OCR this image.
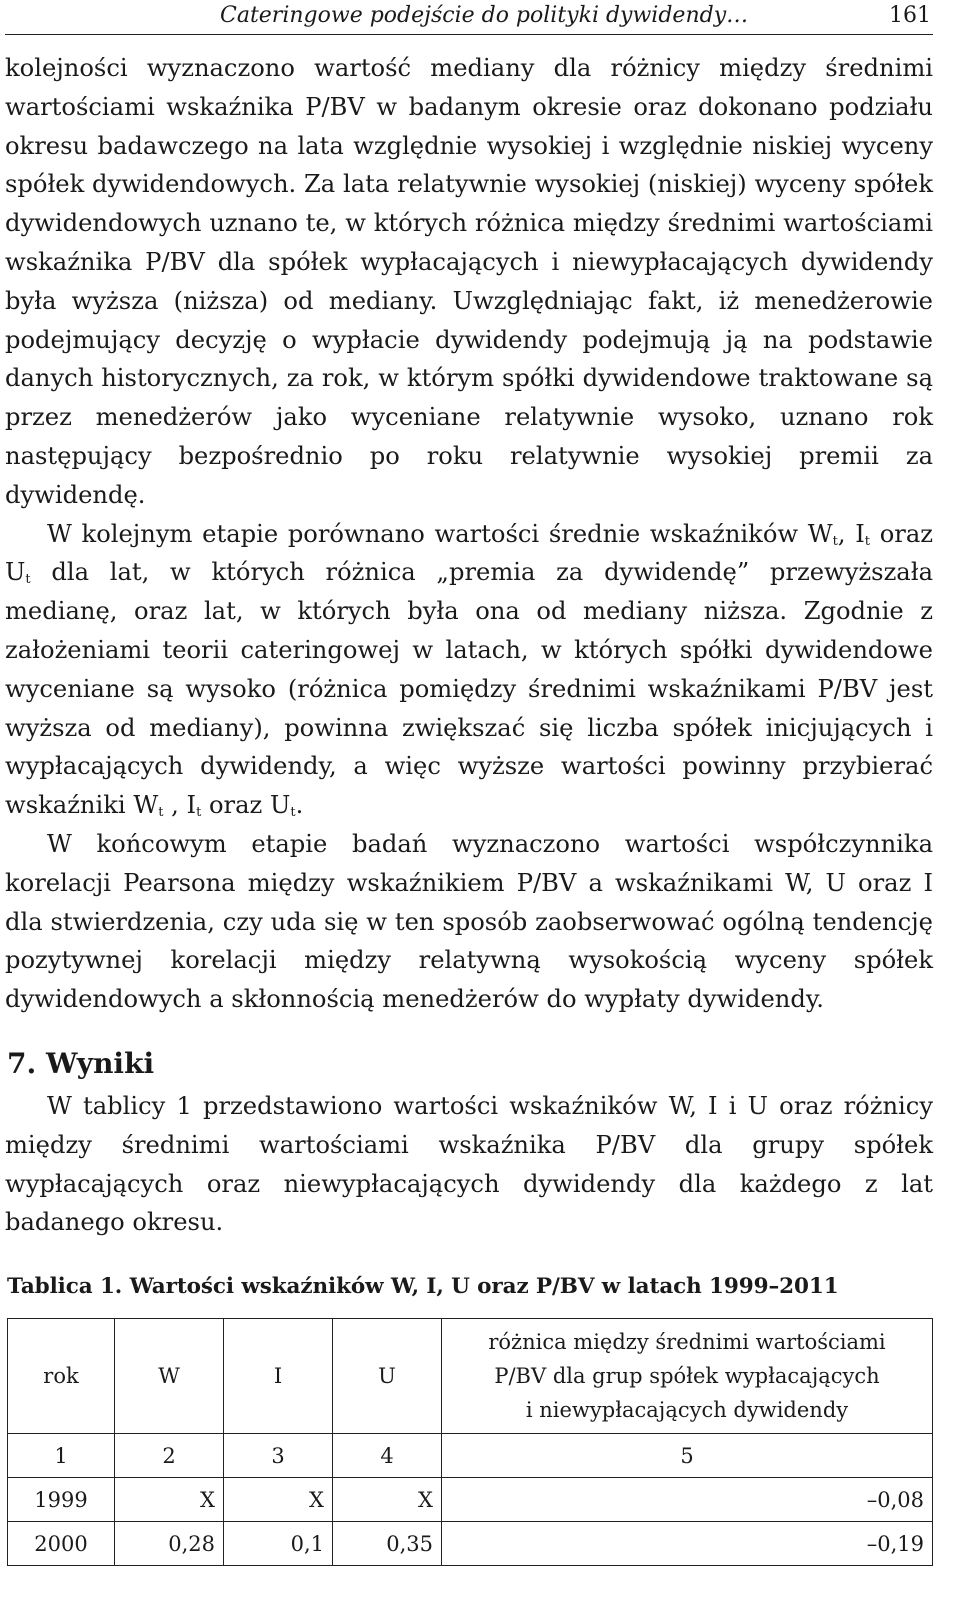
Cateringowe podejście do polityki dywidendy…	161

kolejności wyznaczono wartość mediany dla różnicy między średnimi wartościami wskaźnika P/BV w badanym okresie oraz dokonano podziału okresu badawczego na lata względnie wysokiej i względnie niskiej wyceny spółek dywidendowych. Za lata relatywnie wysokiej (niskiej) wyceny spółek dywidendowych uznano te, w których różnica między średnimi wartościami wskaźnika P/BV dla spółek wypłacających i niewypłacających dywidendy była wyższa (niższa) od mediany. Uwzględniając fakt, iż menedżerowie podejmujący decyzję o wypłacie dywidendy podejmują ją na podstawie danych historycznych, za rok, w którym spółki dywidendowe traktowane są przez menedżerów jako wyceniane relatywnie wysoko, uznano rok następujący bezpośrednio po roku relatywnie wysokiej premii za dywidendę.

W kolejnym etapie porównano wartości średnie wskaźników $W_t$, $I_t$ oraz $U_t$ dla lat, w których różnica „premia za dywidendę” przewyższała medianę, oraz lat, w których była ona od mediany niższa. Zgodnie z założeniami teorii cateringowej w latach, w których spółki dywidendowe wyceniane są wysoko (różnica pomiędzy średnimi wskaźnikami P/BV jest wyższa od mediany), powinna zwiększać się liczba spółek inicjujących i wypłacających dywidendy, a więc wyższe wartości powinny przybierać wskaźniki $W_t$ , $I_t$ oraz $U_t$.

W końcowym etapie badań wyznaczono wartości współczynnika korelacji Pearsona między wskaźnikiem P/BV a wskaźnikami W, U oraz I dla stwierdzenia, czy uda się w ten sposób zaobserwować ogólną tendencję pozytywnej korelacji między relatywną wysokością wyceny spółek dywidendowych a skłonnością menedżerów do wypłaty dywidendy.

7. Wyniki

W tablicy 1 przedstawiono wartości wskaźników W, I i U oraz różnicy między średnimi wartościami wskaźnika P/BV dla grupy spółek wypłacających oraz niewypłacających dywidendy dla każdego z lat badanego okresu.

Tablica 1. Wartości wskaźników W, I, U oraz P/BV w latach 1999–2011
rok	W	I	U	różnica między średnimi wartościami
P/BV dla grup spółek wypłacających
i niewypłacających dywidendy
1	2	3	4	5
1999	X	X	X	–0,08
2000	0,28	0,1	0,35	–0,19
